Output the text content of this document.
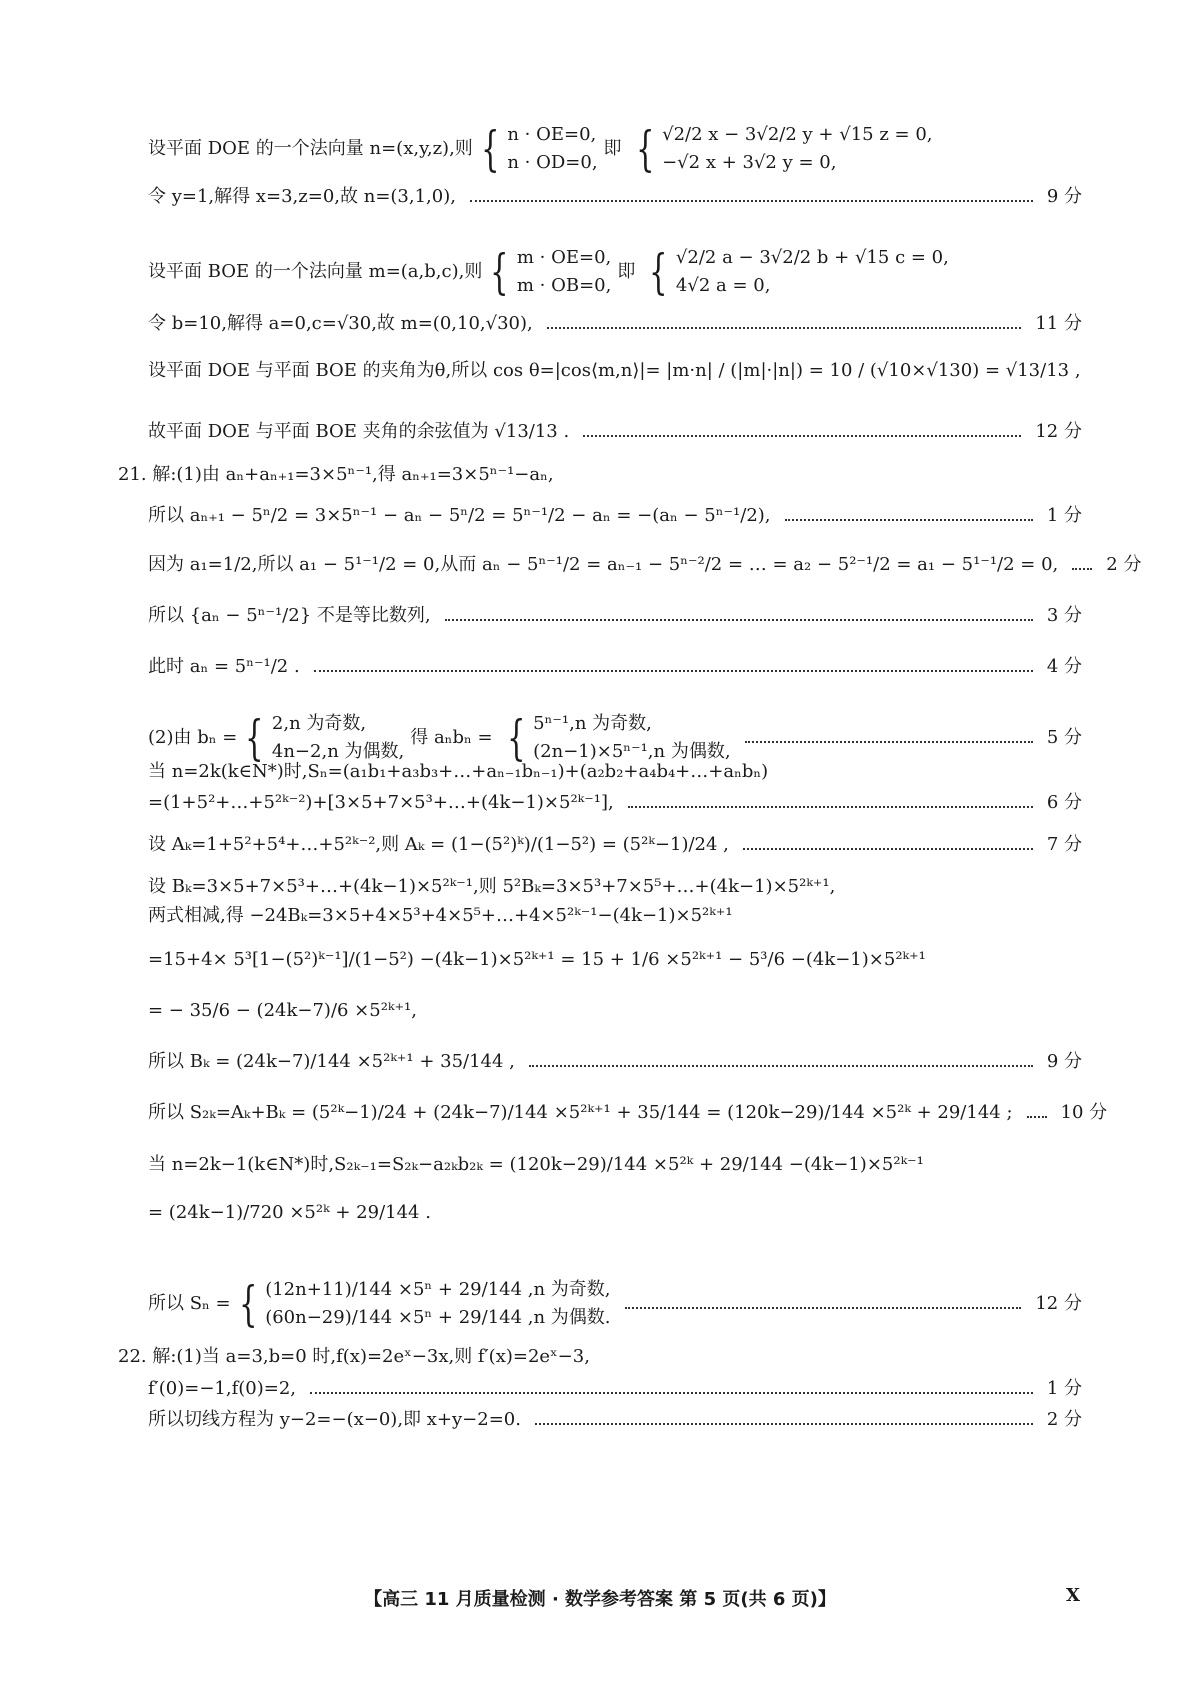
设平面 DOE 的一个法向量 n=(x,y,z),则 { n · OE=0,
n · OD=0,
即 { √2/2 x − 3√2/2 y + √15 z = 0,
−√2 x + 3√2 y = 0,
令 y=1,解得 x=3,z=0,故 n=(3,1,0),	9 分
设平面 BOE 的一个法向量 m=(a,b,c),则 { m · OE=0,
m · OB=0,
即 { √2/2 a − 3√2/2 b + √15 c = 0,
4√2 a = 0,
令 b=10,解得 a=0,c=√30,故 m=(0,10,√30),	11 分
设平面 DOE 与平面 BOE 的夹角为θ,所以 cos θ=|cos⟨m,n⟩|= |m·n| / (|m|·|n|) = 10 / (√10×√130) = √13/13 ,
故平面 DOE 与平面 BOE 夹角的余弦值为 √13/13 .	12 分
21. 解:(1)由 aₙ+aₙ₊₁=3×5ⁿ⁻¹,得 aₙ₊₁=3×5ⁿ⁻¹−aₙ,
所以 aₙ₊₁ − 5ⁿ/2 = 3×5ⁿ⁻¹ − aₙ − 5ⁿ/2 = 5ⁿ⁻¹/2 − aₙ = −(aₙ − 5ⁿ⁻¹/2),	1 分
因为 a₁=1/2,所以 a₁ − 5¹⁻¹/2 = 0,从而 aₙ − 5ⁿ⁻¹/2 = aₙ₋₁ − 5ⁿ⁻²/2 = … = a₂ − 5²⁻¹/2 = a₁ − 5¹⁻¹/2 = 0,	2 分
所以 {aₙ − 5ⁿ⁻¹/2} 不是等比数列,	3 分
此时 aₙ = 5ⁿ⁻¹/2 .	4 分
(2)由 bₙ = { 2,n 为奇数,
4n−2,n 为偶数,
得 aₙbₙ = { 5ⁿ⁻¹,n 为奇数,
(2n−1)×5ⁿ⁻¹,n 为偶数,
5 分
当 n=2k(k∈N*)时,Sₙ=(a₁b₁+a₃b₃+…+aₙ₋₁bₙ₋₁)+(a₂b₂+a₄b₄+…+aₙbₙ)
=(1+5²+…+5²ᵏ⁻²)+[3×5+7×5³+…+(4k−1)×5²ᵏ⁻¹],	6 分
设 Aₖ=1+5²+5⁴+…+5²ᵏ⁻²,则 Aₖ = (1−(5²)ᵏ)/(1−5²) = (5²ᵏ−1)/24 ,	7 分
设 Bₖ=3×5+7×5³+…+(4k−1)×5²ᵏ⁻¹,则 5²Bₖ=3×5³+7×5⁵+…+(4k−1)×5²ᵏ⁺¹,
两式相减,得 −24Bₖ=3×5+4×5³+4×5⁵+…+4×5²ᵏ⁻¹−(4k−1)×5²ᵏ⁺¹
=15+4× 5³[1−(5²)ᵏ⁻¹]/(1−5²) −(4k−1)×5²ᵏ⁺¹ = 15 + 1/6 ×5²ᵏ⁺¹ − 5³/6 −(4k−1)×5²ᵏ⁺¹
= − 35/6 − (24k−7)/6 ×5²ᵏ⁺¹,
所以 Bₖ = (24k−7)/144 ×5²ᵏ⁺¹ + 35/144 ,	9 分
所以 S₂ₖ=Aₖ+Bₖ = (5²ᵏ−1)/24 + (24k−7)/144 ×5²ᵏ⁺¹ + 35/144 = (120k−29)/144 ×5²ᵏ + 29/144 ;	10 分
当 n=2k−1(k∈N*)时,S₂ₖ₋₁=S₂ₖ−a₂ₖb₂ₖ = (120k−29)/144 ×5²ᵏ + 29/144 −(4k−1)×5²ᵏ⁻¹
= (24k−1)/720 ×5²ᵏ + 29/144 .
所以 Sₙ = { (12n+11)/144 ×5ⁿ + 29/144 ,n 为奇数,
(60n−29)/144 ×5ⁿ + 29/144 ,n 为偶数.
12 分
22. 解:(1)当 a=3,b=0 时,f(x)=2eˣ−3x,则 f′(x)=2eˣ−3,
f′(0)=−1,f(0)=2,	1 分
所以切线方程为 y−2=−(x−0),即 x+y−2=0.	2 分
【高三 11 月质量检测 · 数学参考答案 第 5 页(共 6 页)】	X
